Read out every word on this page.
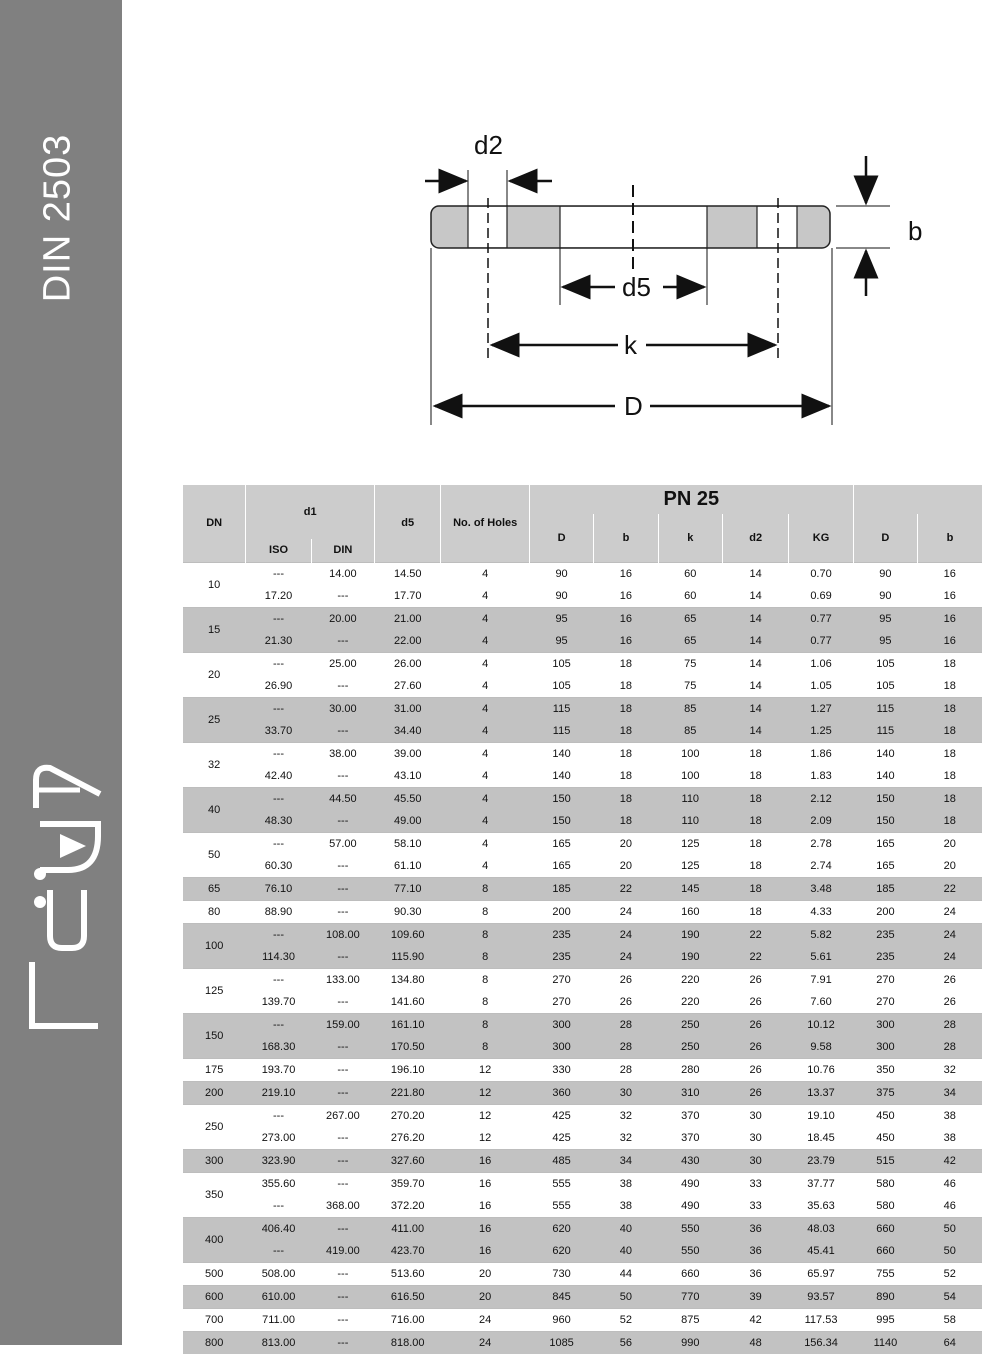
DIN 2503	d2
b
d5
k
D
DN	d1		d5	No. of Holes	PN 25						
					D	b	k	d2	KG	D	b
	ISO	DIN									
10	---	14.00	14.50	4	90	16	60	14	0.70	90	16
	17.20	---	17.70	4	90	16	60	14	0.69	90	16
15	---	20.00	21.00	4	95	16	65	14	0.77	95	16
	21.30	---	22.00	4	95	16	65	14	0.77	95	16
20	---	25.00	26.00	4	105	18	75	14	1.06	105	18
	26.90	---	27.60	4	105	18	75	14	1.05	105	18
25	---	30.00	31.00	4	115	18	85	14	1.27	115	18
	33.70	---	34.40	4	115	18	85	14	1.25	115	18
32	---	38.00	39.00	4	140	18	100	18	1.86	140	18
	42.40	---	43.10	4	140	18	100	18	1.83	140	18
40	---	44.50	45.50	4	150	18	110	18	2.12	150	18
	48.30	---	49.00	4	150	18	110	18	2.09	150	18
50	---	57.00	58.10	4	165	20	125	18	2.78	165	20
	60.30	---	61.10	4	165	20	125	18	2.74	165	20
65	76.10	---	77.10	8	185	22	145	18	3.48	185	22
80	88.90	---	90.30	8	200	24	160	18	4.33	200	24
100	---	108.00	109.60	8	235	24	190	22	5.82	235	24
	114.30	---	115.90	8	235	24	190	22	5.61	235	24
125	---	133.00	134.80	8	270	26	220	26	7.91	270	26
	139.70	---	141.60	8	270	26	220	26	7.60	270	26
150	---	159.00	161.10	8	300	28	250	26	10.12	300	28
	168.30	---	170.50	8	300	28	250	26	9.58	300	28
175	193.70	---	196.10	12	330	28	280	26	10.76	350	32
200	219.10	---	221.80	12	360	30	310	26	13.37	375	34
250	---	267.00	270.20	12	425	32	370	30	19.10	450	38
	273.00	---	276.20	12	425	32	370	30	18.45	450	38
300	323.90	---	327.60	16	485	34	430	30	23.79	515	42
350	355.60	---	359.70	16	555	38	490	33	37.77	580	46
	---	368.00	372.20	16	555	38	490	33	35.63	580	46
400	406.40	---	411.00	16	620	40	550	36	48.03	660	50
	---	419.00	423.70	16	620	40	550	36	45.41	660	50
500	508.00	---	513.60	20	730	44	660	36	65.97	755	52
600	610.00	---	616.50	20	845	50	770	39	93.57	890	54
700	711.00	---	716.00	24	960	52	875	42	117.53	995	58
800	813.00	---	818.00	24	1085	56	990	48	156.34	1140	64
